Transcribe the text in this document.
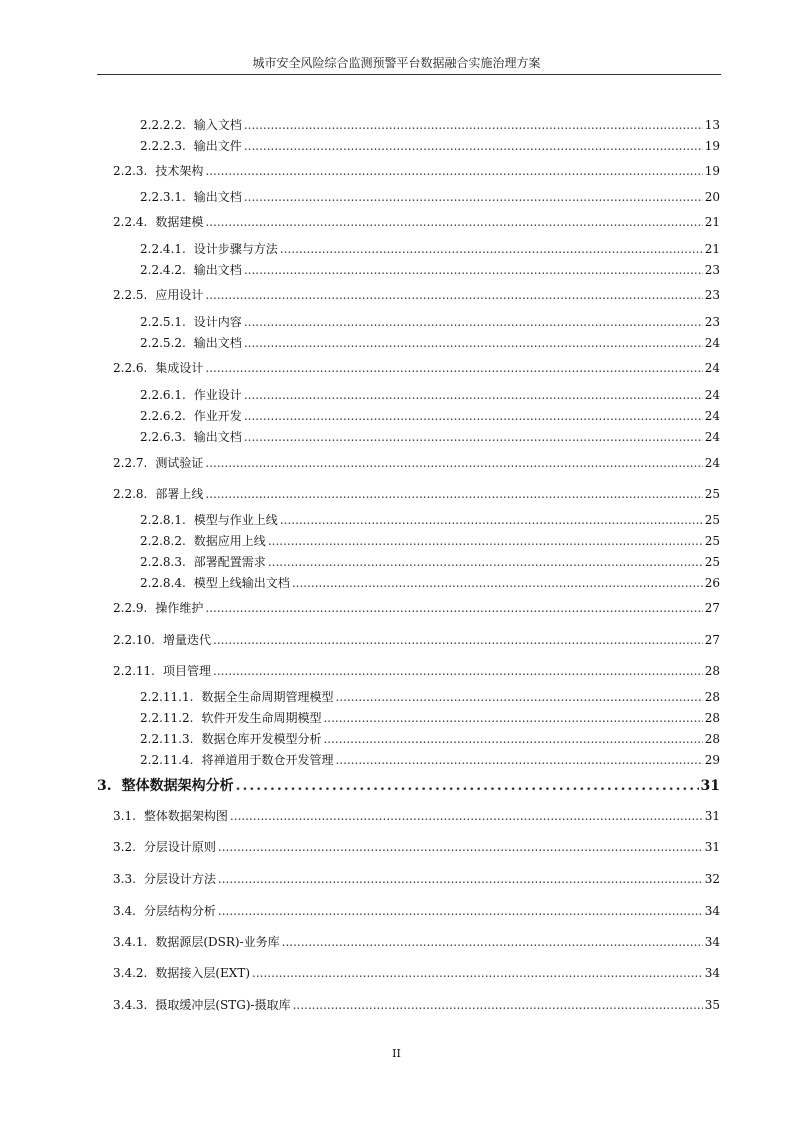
城市安全风险综合监测预警平台数据融合实施治理方案
2.2.2.2. 输入文档 .....	13
2.2.2.3. 输出文件 .....	19
2.2.3. 技术架构 .....	19
2.2.3.1. 输出文档 .....	20
2.2.4. 数据建模 .....	21
2.2.4.1. 设计步骤与方法 .....	21
2.2.4.2. 输出文档 .....	23
2.2.5. 应用设计 .....	23
2.2.5.1. 设计内容 .....	23
2.2.5.2. 输出文档 .....	24
2.2.6. 集成设计 .....	24
2.2.6.1. 作业设计 .....	24
2.2.6.2. 作业开发 .....	24
2.2.6.3. 输出文档 .....	24
2.2.7. 测试验证 .....	24
2.2.8. 部署上线 .....	25
2.2.8.1. 模型与作业上线 .....	25
2.2.8.2. 数据应用上线 .....	25
2.2.8.3. 部署配置需求 .....	25
2.2.8.4. 模型上线输出文档 .....	26
2.2.9. 操作维护 .....	27
2.2.10. 增量迭代 .....	27
2.2.11. 项目管理 .....	28
2.2.11.1. 数据全生命周期管理模型 .....	28
2.2.11.2. 软件开发生命周期模型 .....	28
2.2.11.3. 数据仓库开发模型分析 .....	28
2.2.11.4. 将禅道用于数仓开发管理 .....	29
3. 整体数据架构分析 .....	31
3.1. 整体数据架构图 .....	31
3.2. 分层设计原则 .....	31
3.3. 分层设计方法 .....	32
3.4. 分层结构分析 .....	34
3.4.1. 数据源层(DSR)-业务库 .....	34
3.4.2. 数据接入层(EXT) .....	34
3.4.3. 摄取缓冲层(STG)-摄取库 .....	35
II
